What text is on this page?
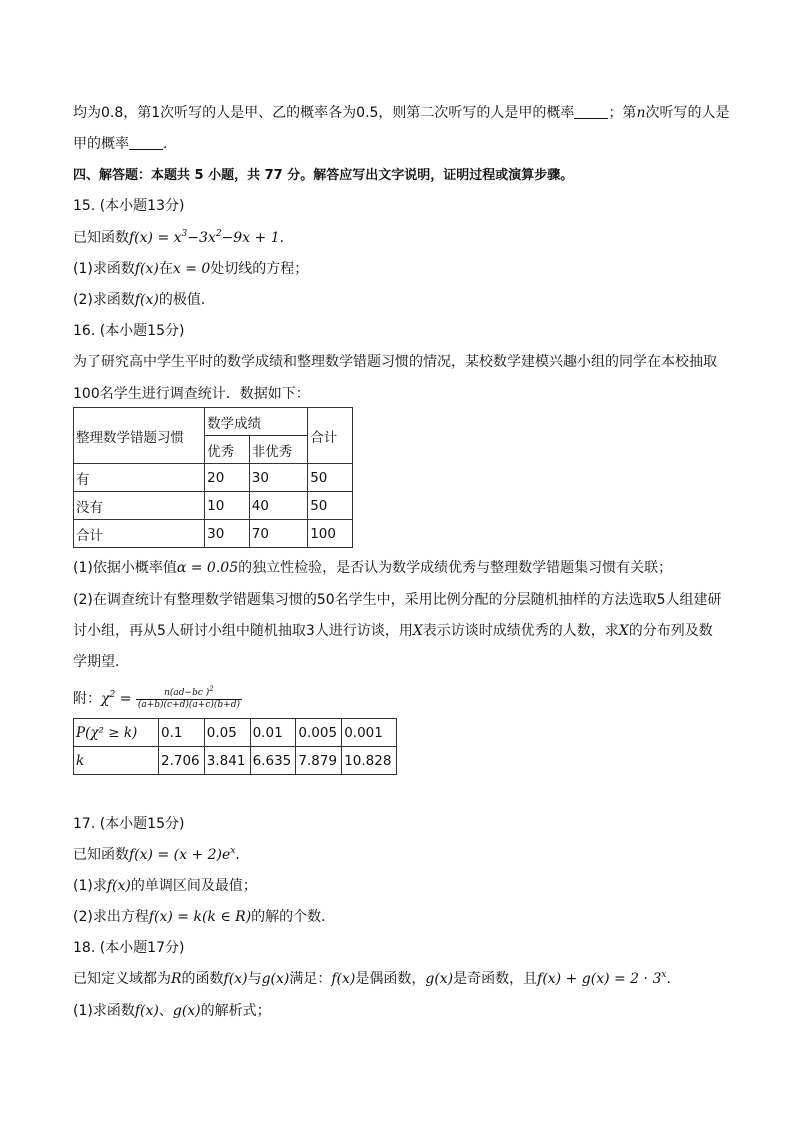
均为0.8，第1次听写的人是甲、乙的概率各为0.5，则第二次听写的人是甲的概率 ；第n次听写的人是
甲的概率 ．
四、解答题：本题共 5 小题，共 77 分。解答应写出文字说明，证明过程或演算步骤。
15. (本小题13分)
已知函数$f(x) = x^3-3x^2-9x + 1$．
(1)求函数f(x)在x = 0处切线的方程；
(2)求函数f(x)的极值．
16. (本小题15分)
为了研究高中学生平时的数学成绩和整理数学错题习惯的情况，某校数学建模兴趣小组的同学在本校抽取
100名学生进行调查统计．数据如下：
整理数学错题习惯	数学成绩		合计
	优秀	非优秀	
有	20	30	50
没有	10	40	50
合计	30	70	100
(1)依据小概率值α = 0.05的独立性检验，是否认为数学成绩优秀与整理数学错题集习惯有关联；
(2)在调查统计有整理数学错题集习惯的50名学生中，采用比例分配的分层随机抽样的方法选取5人组建研
讨小组，再从5人研讨小组中随机抽取3人进行访谈，用X表示访谈时成绩优秀的人数，求X的分布列及数
学期望．
附：$\chi^2 = \frac{n(ad-bc )^2}{(a+b)(c+d)(a+c)(b+d)}$
P(χ² ≥ k)	0.1	0.05	0.01	0.005	0.001
k	2.706	3.841	6.635	7.879	10.828
17. (本小题15分)
已知函数$f(x) = (x + 2)e^x$．
(1)求f(x)的单调区间及最值；
(2)求出方程f(x) = k(k ∈ R)的解的个数．
18. (本小题17分)
已知定义域都为R的函数f(x)与g(x)满足：f(x)是偶函数，g(x)是奇函数，且$f(x) + g(x) = 2 \cdot 3^x$．
(1)求函数f(x)、g(x)的解析式；
